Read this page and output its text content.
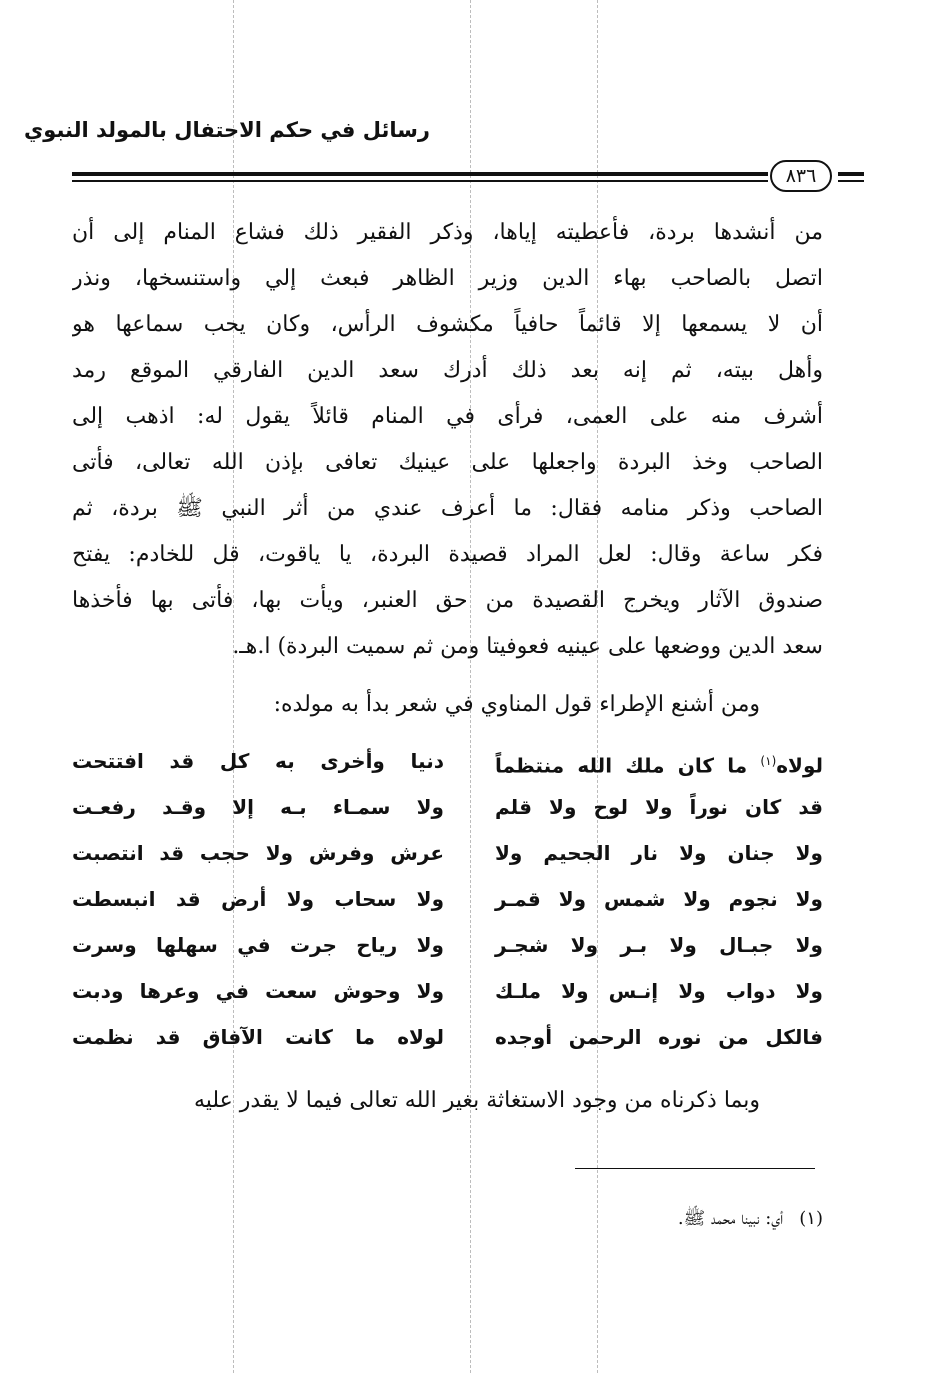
رسائل في حكم الاحتفال بالمولد النبوي
٨٣٦
من أنشدها بردة، فأعطيته إياها، وذكر الفقير ذلك فشاع المنام إلى أن
اتصل بالصاحب بهاء الدين وزير الظاهر فبعث إلي واستنسخها، ونذر
أن لا يسمعها إلا قائماً حافياً مكشوف الرأس، وكان يحب سماعها هو
وأهل بيته، ثم إنه بعد ذلك أدرك سعد الدين الفارقي الموقع رمد
أشرف منه على العمى، فرأى في المنام قائلاً يقول له: اذهب إلى
الصاحب وخذ البردة واجعلها على عينيك تعافى بإذن الله تعالى، فأتى
الصاحب وذكر منامه فقال: ما أعرف عندي من أثر النبي ﷺ بردة، ثم
فكر ساعة وقال: لعل المراد قصيدة البردة، يا ياقوت، قل للخادم: يفتح
صندوق الآثار ويخرج القصيدة من حق العنبر، ويأت بها، فأتى بها فأخذها
سعد الدين ووضعها على عينيه فعوفيتا ومن ثم سميت البردة) ا.هـ.
ومن أشنع الإطراء قول المناوي في شعر بدأ به مولده:
لولاه$^{(١)}$ ما كان ملك الله منتظماً
دنيا وأخرى به كل قد افتتحت
قد كان نوراً ولا لوح ولا قلم
ولا سمـاء بـه إلا وقـد رفعـت
ولا جنان ولا نار الجحيم ولا
عرش وفرش ولا حجب قد انتصبت
ولا نجوم ولا شمس ولا قمـر
ولا سحاب ولا أرض قد انبسطت
ولا جبـال ولا بـر ولا شجـر
ولا رياح جرت في سهلها وسرت
ولا دواب ولا إنـس ولا ملـك
ولا وحوش سعت في وعرها ودبت
فالكل من نوره الرحمن أوجده
لولاه ما كانت الآفاق قد نظمت
وبما ذكرناه من وجود الاستغاثة بغير الله تعالى فيما لا يقدر عليه
(١)أي: نبينا محمد ﷺ.
